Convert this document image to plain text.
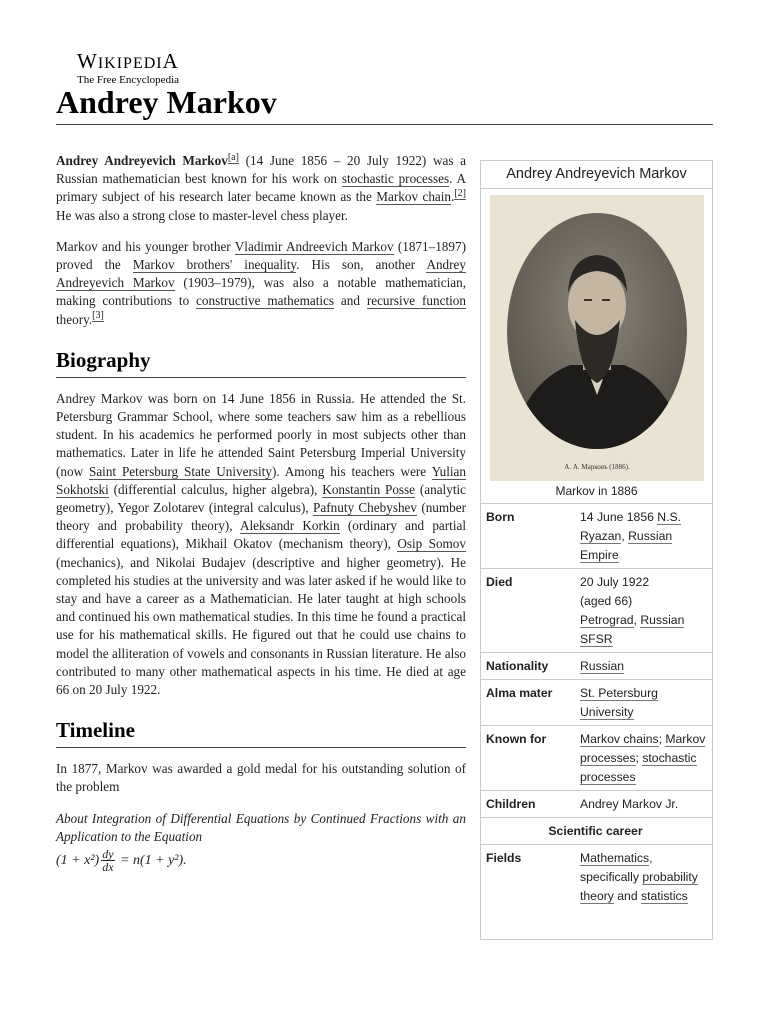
WIKIPEDIA
The Free Encyclopedia
Andrey Markov

Andrey Andreyevich Markov[a] (14 June 1856 – 20 July 1922) was a Russian mathematician best known for his work on stochastic processes. A primary subject of his research later became known as the Markov chain.[2] He was also a strong close to master-level chess player.

Markov and his younger brother Vladimir Andreevich Markov (1871–1897) proved the Markov brothers' inequality. His son, another Andrey Andreyevich Markov (1903–1979), was also a notable mathematician, making contributions to constructive mathematics and recursive function theory.[3]

Biography

Andrey Markov was born on 14 June 1856 in Russia. He attended the St. Petersburg Grammar School, where some teachers saw him as a rebellious student. In his academics he performed poorly in most subjects other than mathematics. Later in life he attended Saint Petersburg Imperial University (now Saint Petersburg State University). Among his teachers were Yulian Sokhotski (differential calculus, higher algebra), Konstantin Posse (analytic geometry), Yegor Zolotarev (integral calculus), Pafnuty Chebyshev (number theory and probability theory), Aleksandr Korkin (ordinary and partial differential equations), Mikhail Okatov (mechanism theory), Osip Somov (mechanics), and Nikolai Budajev (descriptive and higher geometry). He completed his studies at the university and was later asked if he would like to stay and have a career as a Mathematician. He later taught at high schools and continued his own mathematical studies. In this time he found a practical use for his mathematical skills. He figured out that he could use chains to model the alliteration of vowels and consonants in Russian literature. He also contributed to many other mathematical aspects in his time. He died at age 66 on 20 July 1922.

Timeline

In 1877, Markov was awarded a gold medal for his outstanding solution of the problem

About Integration of Differential Equations by Continued Fractions with an Application to the Equation

$(1 + x^2) \frac{dy}{dx} = n(1 + y^2)$.

Andrey Andreyevich Markov
А. А. Марковъ (1886).
Markov in 1886
Born	14 June 1856 N.S.
Ryazan, Russian Empire
Died	20 July 1922
(aged 66)
Petrograd, Russian SFSR
Nationality	Russian
Alma mater	St. Petersburg University
Known for	Markov chains; Markov processes; stochastic processes
Children	Andrey Markov Jr.
Scientific career	
Fields	Mathematics, specifically probability theory and statistics
